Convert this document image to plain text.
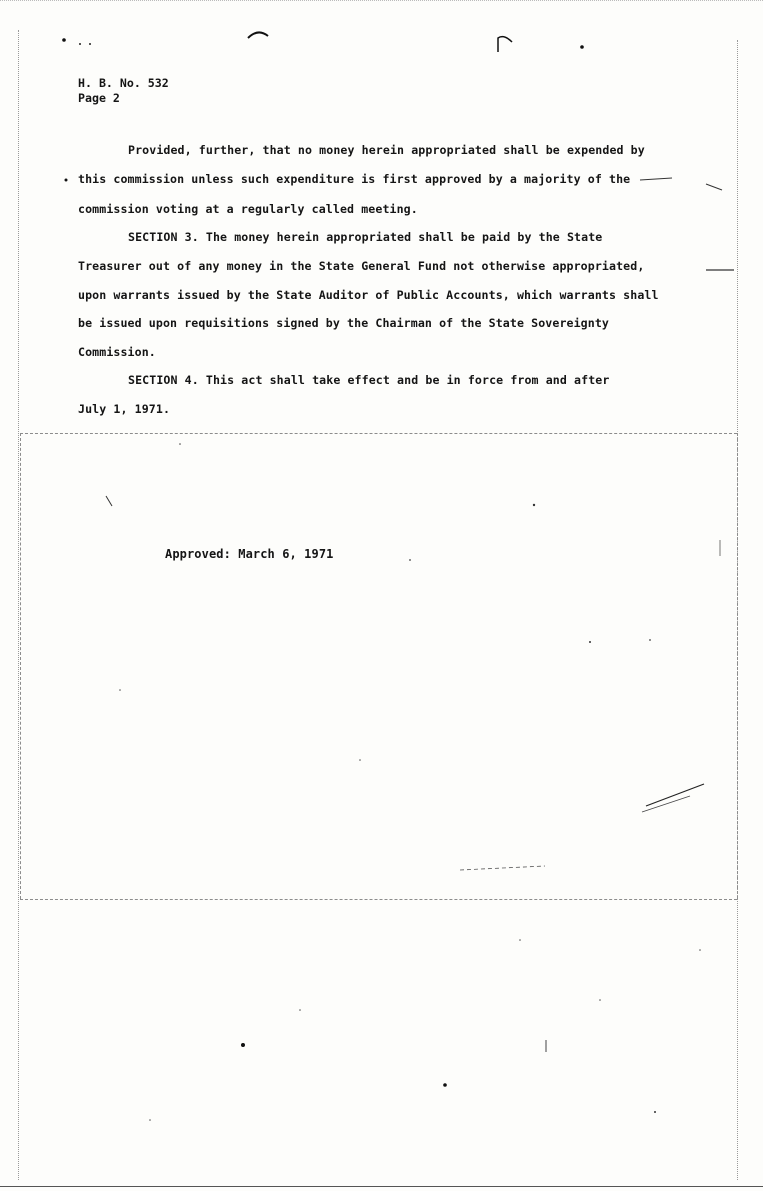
H. B. No. 532
Page 2
Provided, further, that no money herein appropriated shall be expended by
this commission unless such expenditure is first approved by a majority of the
commission voting at a regularly called meeting.
SECTION 3. The money herein appropriated shall be paid by the State
Treasurer out of any money in the State General Fund not otherwise appropriated,
upon warrants issued by the State Auditor of Public Accounts, which warrants shall
be issued upon requisitions signed by the Chairman of the State Sovereignty
Commission.
SECTION 4. This act shall take effect and be in force from and after
July 1, 1971.
Approved: March 6, 1971
